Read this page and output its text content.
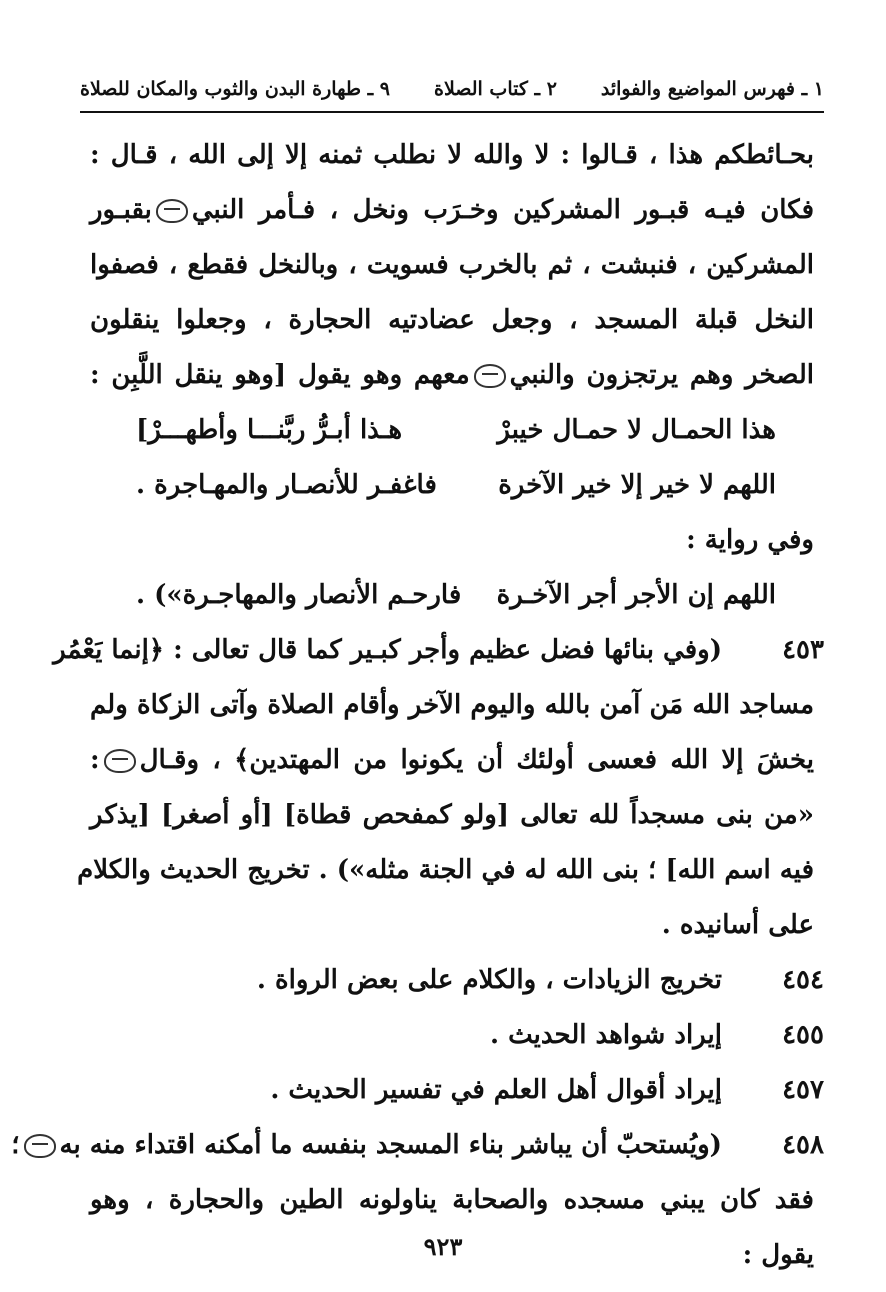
١ ـ فهرس المواضيع والفوائد
٢ ـ كتاب الصلاة
٩ ـ طهارة البدن والثوب والمكان للصلاة
بحـائطكم هذا ، قـالوا : لا والله لا نطلب ثمنه إلا إلى الله ، قـال :
فكان فيـه قبـور المشركين وخـرَب ونخل ، فـأمر النبيبقبـور
المشركين ، فنبشت ، ثم بالخرب فسويت ، وبالنخل فقطع ، فصفوا
النخل قبلة المسجد ، وجعل عضادتيه الحجارة ، وجعلوا ينقلون
الصخر وهم يرتجزون والنبيمعهم وهو يقول [وهو ينقل اللَّبِن :
هذا الحمـال لا حمـال خيبرْ
هـذا أبـرُّ ربَّنـــا وأطهـــرْ]
اللهم لا خير إلا خير الآخرة
فاغفـر للأنصـار والمهـاجرة .
وفي رواية :
اللهم إن الأجر أجر الآخـرة
فارحـم الأنصار والمهاجـرة») .
٤٥٣
(وفي بنائها فضل عظيم وأجر كبـير كما قال تعالى : ﴿إنما يَعْمُر
مساجد الله مَن آمن بالله واليوم الآخر وأقام الصلاة وآتى الزكاة ولم
يخشَ إلا الله فعسى أولئك أن يكونوا من المهتدين﴾ ، وقـال:
«من بنى مسجداً لله تعالى [ولو كمفحص قطاة] [أو أصغر] [يذكر
فيه اسم الله] ؛ بنى الله له في الجنة مثله») . تخريج الحديث والكلام
على أسانيده .
٤٥٤
تخريج الزيادات ، والكلام على بعض الرواة .
٤٥٥
إيراد شواهد الحديث .
٤٥٧
إيراد أقوال أهل العلم في تفسير الحديث .
٤٥٨
(ويُستحبّ أن يباشر بناء المسجد بنفسه ما أمكنه اقتداء منه به؛
فقد كان يبني مسجده والصحابة يناولونه الطين والحجارة ، وهو
يقول :
٩٢٣
